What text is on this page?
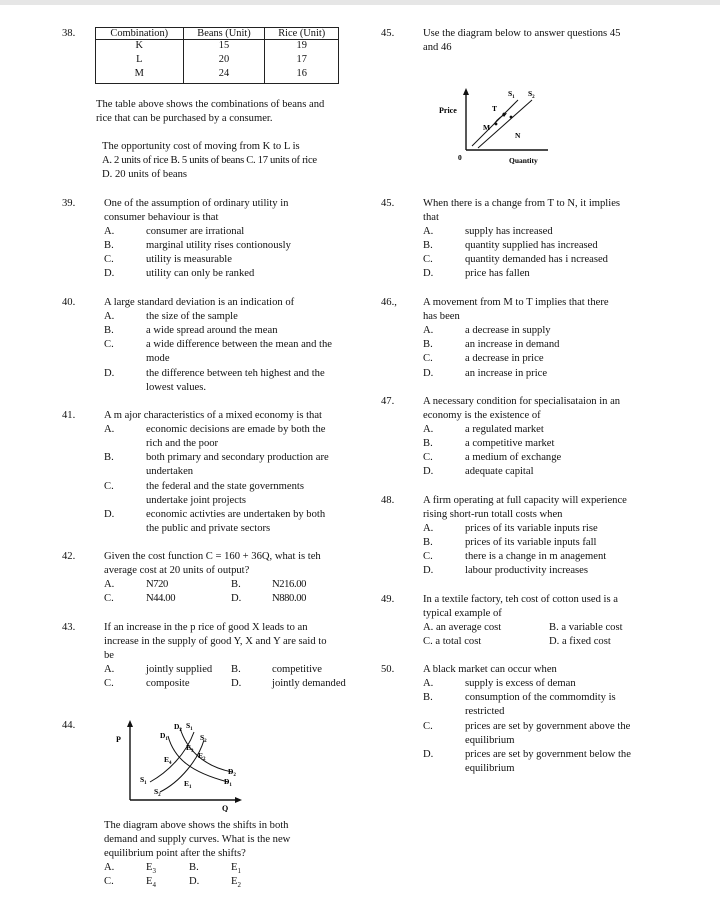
38.	Combination)	Beans (Unit)	Rice (Unit)
K	15	19
L	20	17
M	24	16
The table above shows the combinations of beans and
rice that can be purchased by a consumer.
The opportunity cost of moving from K to L is
A. 2 units of rice B. 5 units of beans C. 17 units of rice
D. 20 units of beans
39.	One of the assumption of ordinary utility in
consumer behaviour is that
A.	consumer are irrational
B.	marginal utility rises contionously
C.	utility is measurable
D.	utility can only be ranked
40.	A large standard deviation is an indication of
A.	the size of the sample
B.	a wide spread around the mean
C.	a wide difference between the mean and the
mode
D.	the difference between teh highest and the
lowest values.
41.	A m ajor characteristics of a mixed economy is that
A.	economic decisions are emade by both the
rich and the poor
B.	both primary and secondary production are
undertaken
C.	the federal and the state governments
undertake joint projects
D.	economic activties are undertaken by both
the public and private sectors
42.	Given the cost function C = 160 + 36Q, what is teh
average cost at 20 units of output?
A.	N720	B.	N216.00
C.	N44.00	D.	N880.00
43.	If an increase in the p rice of good X leads to an
increase in the supply of good Y, X and Y are said to
be
A.	jointly supplied B.	competitive
C.	composite	D.	jointly demanded
44.
P
Q
$D_1$
$D_2$
$S_1$
$S_2$
$S_1$
$S_2$
$D_2$
$D_1$
$E_4$
$E_3$ $E_2$
$E_1$
The diagram above shows the shifts in both
demand and supply curves. What is the new
equilibrium point after the shifts?
A.	$E_3$	B.	$E_1$
C.	$E_4$	D.	$E_2$
45.	Use the diagram below to answer questions 45
and 46
Price
Quantity
0
$S_1$ $S_2$
T
M
N
45.	When there is a change from T to N, it implies
that
A.	supply has increased
B.	quantity supplied has increased
C.	quantity demanded has i ncreased
D.	price has fallen
46.,	A movement from M to T implies that there
has been
A.	a decrease in supply
B.	an increase in demand
C.	a decrease in price
D.	an increase in price
47.	A necessary condition for specialisataion in an
economy is the existence of
A.	a regulated market
B.	a competitive market
C.	a medium of exchange
D.	adequate capital
48.	A firm operating at full capacity will experience
rising short-run totall costs when
A.	prices of its variable inputs rise
B.	prices of its variable inputs fall
C.	there is a change in m anagement
D.	labour productivity increases
49.	In a textile factory, teh cost of cotton used is a
typical example of
A. an average cost	B. a variable cost
C. a total cost	D. a fixed cost
50.	A black market can occur when
A.	supply is excess of deman
B.	consumption of the commomdity is
restricted
C.	prices are set by government above the
equilibrium
D.	prices are set by government below the
equilibrium
